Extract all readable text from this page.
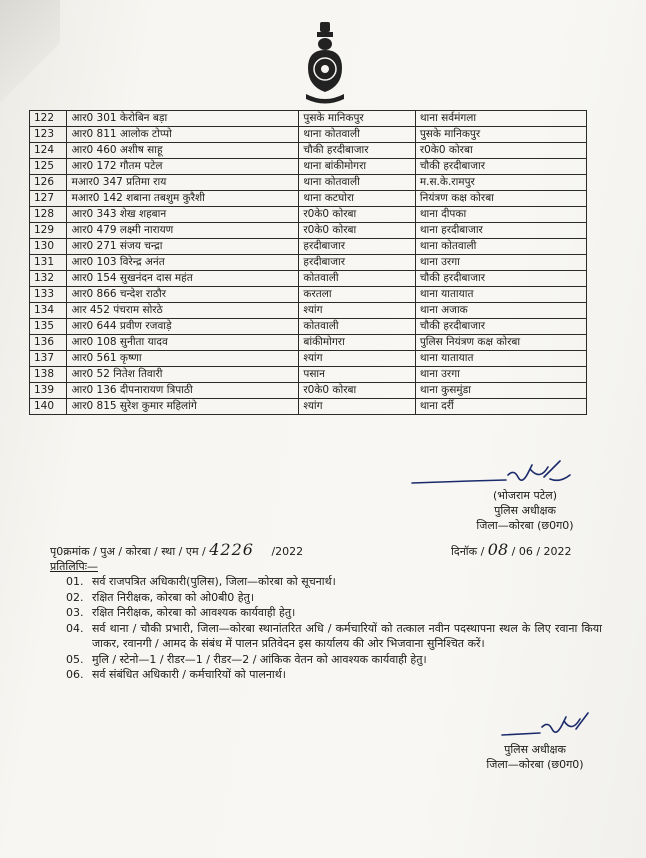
122	आर0 301 केरोबिन बड़ा	पुसके मानिकपुर	थाना सर्वमंगला
123	आर0 811 आलोक टोप्पो	थाना कोतवाली	पुसके मानिकपुर
124	आर0 460 अशीष साहू	चौकी हरदीबाजार	र0के0 कोरबा
125	आर0 172 गौतम पटेल	थाना बांकीमोगरा	चौकी हरदीबाजार
126	मआर0 347 प्रतिमा राय	थाना कोतवाली	म.स.के.रामपुर
127	मआर0 142 शबाना तबशुम कुरैशी	थाना कटघोरा	नियंत्रण कक्ष कोरबा
128	आर0 343 शेख शहबान	र0के0 कोरबा	थाना दीपका
129	आर0 479 लक्ष्मी नारायण	र0के0 कोरबा	थाना हरदीबाजार
130	आर0 271 संजय चन्द्रा	हरदीबाजार	थाना कोतवाली
131	आर0 103 विरेन्द्र अनंत	हरदीबाजार	थाना उरगा
132	आर0 154 सुखनंदन दास महंत	कोतवाली	चौकी हरदीबाजार
133	आर0 866 चन्देश राठौर	करतला	थाना यातायात
134	आर 452 पंचराम सोरठे	श्यांग	थाना अजाक
135	आर0 644 प्रवीण रजवाड़े	कोतवाली	चौकी हरदीबाजार
136	आर0 108 सुनीता यादव	बांकीमोगरा	पुलिस नियंत्रण कक्ष कोरबा
137	आर0 561 कृष्णा	श्यांग	थाना यातायात
138	आर0 52 नितेश तिवारी	पसान	थाना उरगा
139	आर0 136 दीपनारायण त्रिपाठी	र0के0 कोरबा	थाना कुसमुंडा
140	आर0 815 सुरेश कुमार महिलांगे	श्यांग	थाना दर्री
(भोजराम पटेल)
पुलिस अधीक्षक
जिला—कोरबा (छ0ग0)
पृ0क्रमांक / पुअ / कोरबा / स्था / एम / 4226 /2022	दिनॉक / 08 / 06 / 2022
प्रतिलिपिः—
01. सर्व राजपत्रित अधिकारी(पुलिस), जिला—कोरबा को सूचनार्थ।
02. रक्षित निरीक्षक, कोरबा को ओ0बी0 हेतु।
03. रक्षित निरीक्षक, कोरबा को आवश्यक कार्यवाही हेतु।
04. सर्व थाना / चौकी प्रभारी, जिला—कोरबा स्थानांतरित अधि / कर्मचारियों को तत्काल नवीन पदस्थापना स्थल के लिए रवाना किया जाकर, रवानगी / आमद के संबंध में पालन प्रतिवेदन इस कार्यालय की ओर भिजवाना सुनिश्चित करें।
05. मुलि / स्टेनो—1 / रीडर—1 / रीडर—2 / आंकिक वेतन को आवश्यक कार्यवाही हेतु।
06. सर्व संबंधित अधिकारी / कर्मचारियों को पालनार्थ।
पुलिस अधीक्षक
जिला—कोरबा (छ0ग0)
